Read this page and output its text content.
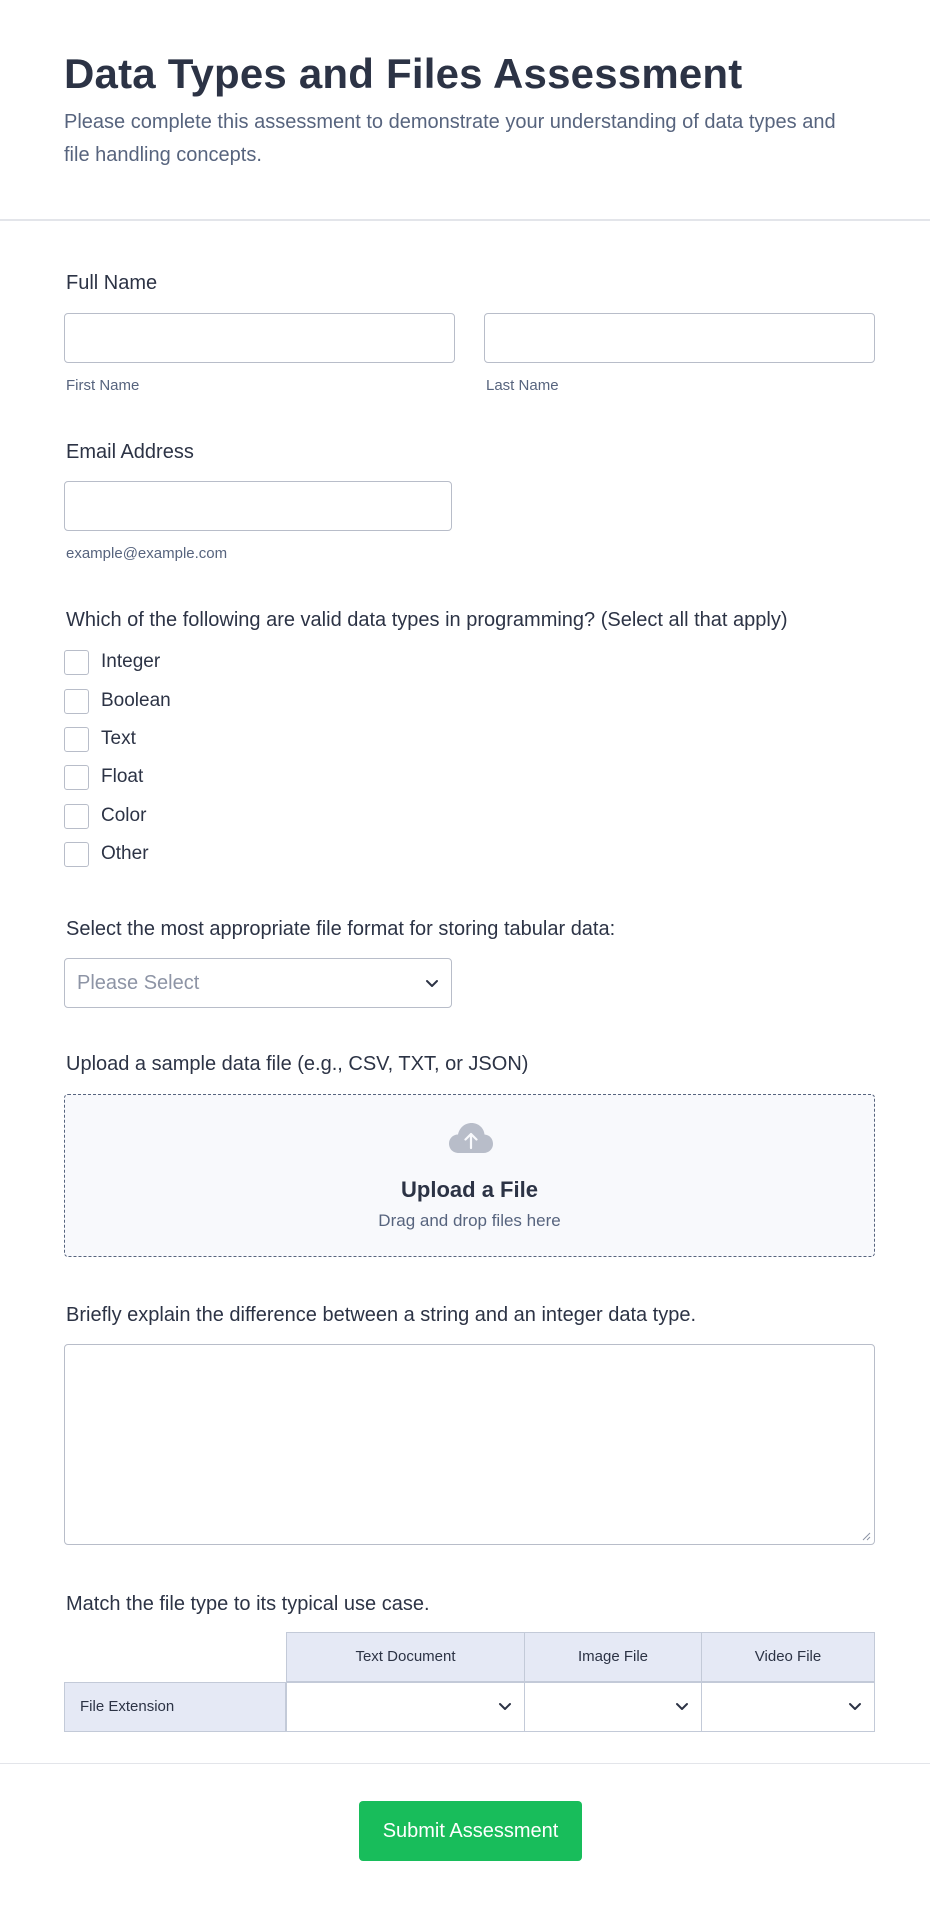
Data Types and Files Assessment
Please complete this assessment to demonstrate your understanding of data types and file handling concepts.
Full Name
First Name	Last Name
Email Address
example@example.com
Which of the following are valid data types in programming? (Select all that apply)
Integer
Boolean
Text
Float
Color
Other
Select the most appropriate file format for storing tabular data:
Please Select
Upload a sample data file (e.g., CSV, TXT, or JSON)
Upload a File
Drag and drop files here
Briefly explain the difference between a string and an integer data type.
Match the file type to its typical use case.
Text Document	Image File	Video File
File Extension
Submit Assessment
